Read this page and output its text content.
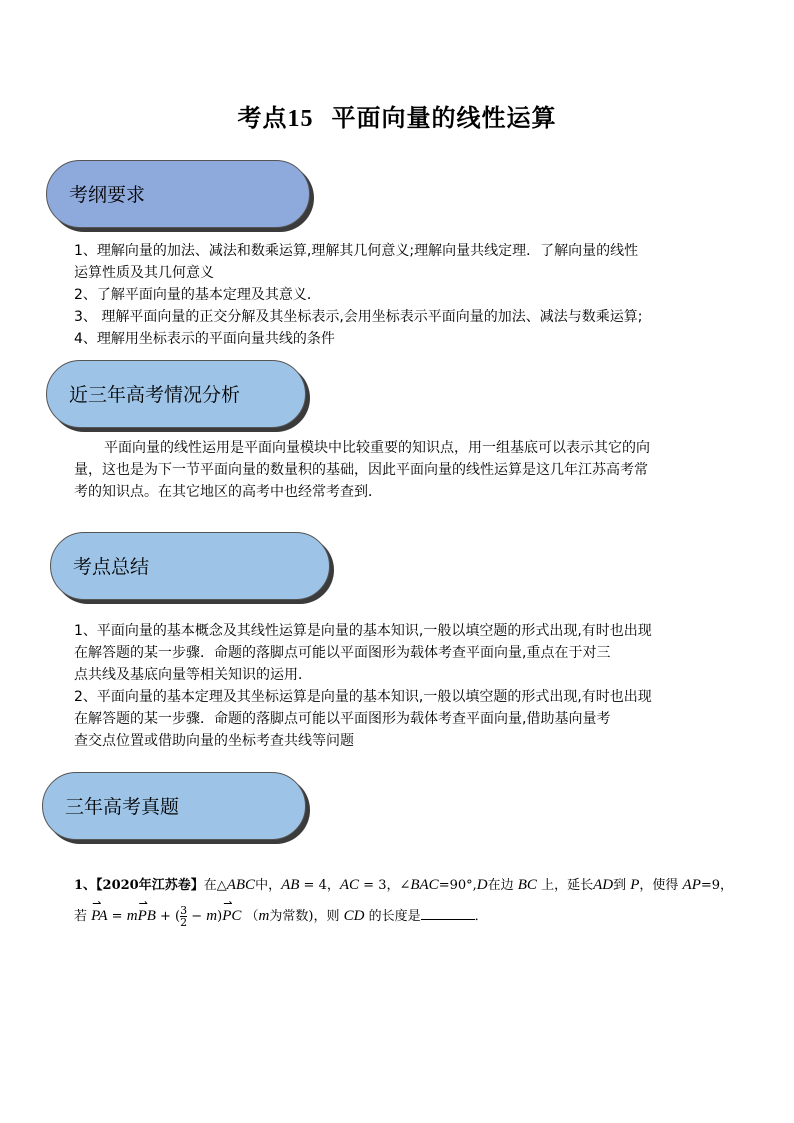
考点15 平面向量的线性运算
考纲要求
1、理解向量的加法、减法和数乘运算,理解其几何意义;理解向量共线定理．了解向量的线性
运算性质及其几何意义
2、了解平面向量的基本定理及其意义．
3、 理解平面向量的正交分解及其坐标表示,会用坐标表示平面向量的加法、减法与数乘运算;
4、理解用坐标表示的平面向量共线的条件
近三年高考情况分析
平面向量的线性运用是平面向量模块中比较重要的知识点，用一组基底可以表示其它的向
量，这也是为下一节平面向量的数量积的基础，因此平面向量的线性运算是这几年江苏高考常
考的知识点。在其它地区的高考中也经常考查到．
考点总结
1、平面向量的基本概念及其线性运算是向量的基本知识,一般以填空题的形式出现,有时也出现
在解答题的某一步骤．命题的落脚点可能以平面图形为载体考查平面向量,重点在于对三
点共线及基底向量等相关知识的运用．
2、平面向量的基本定理及其坐标运算是向量的基本知识,一般以填空题的形式出现,有时也出现
在解答题的某一步骤．命题的落脚点可能以平面图形为载体考查平面向量,借助基向量考
查交点位置或借助向量的坐标考查共线等问题
三年高考真题
1、【2020年江苏卷】在△ABC中，AB = 4，AC = 3，∠BAC=90°,D在边 BC 上，延长AD到 P，使得 AP=9，
若 ⇀ PA = m⇀ PB + ( $\frac{3}{2}$ − m)⇀ PC （m为常数)，则 CD 的长度是	．
